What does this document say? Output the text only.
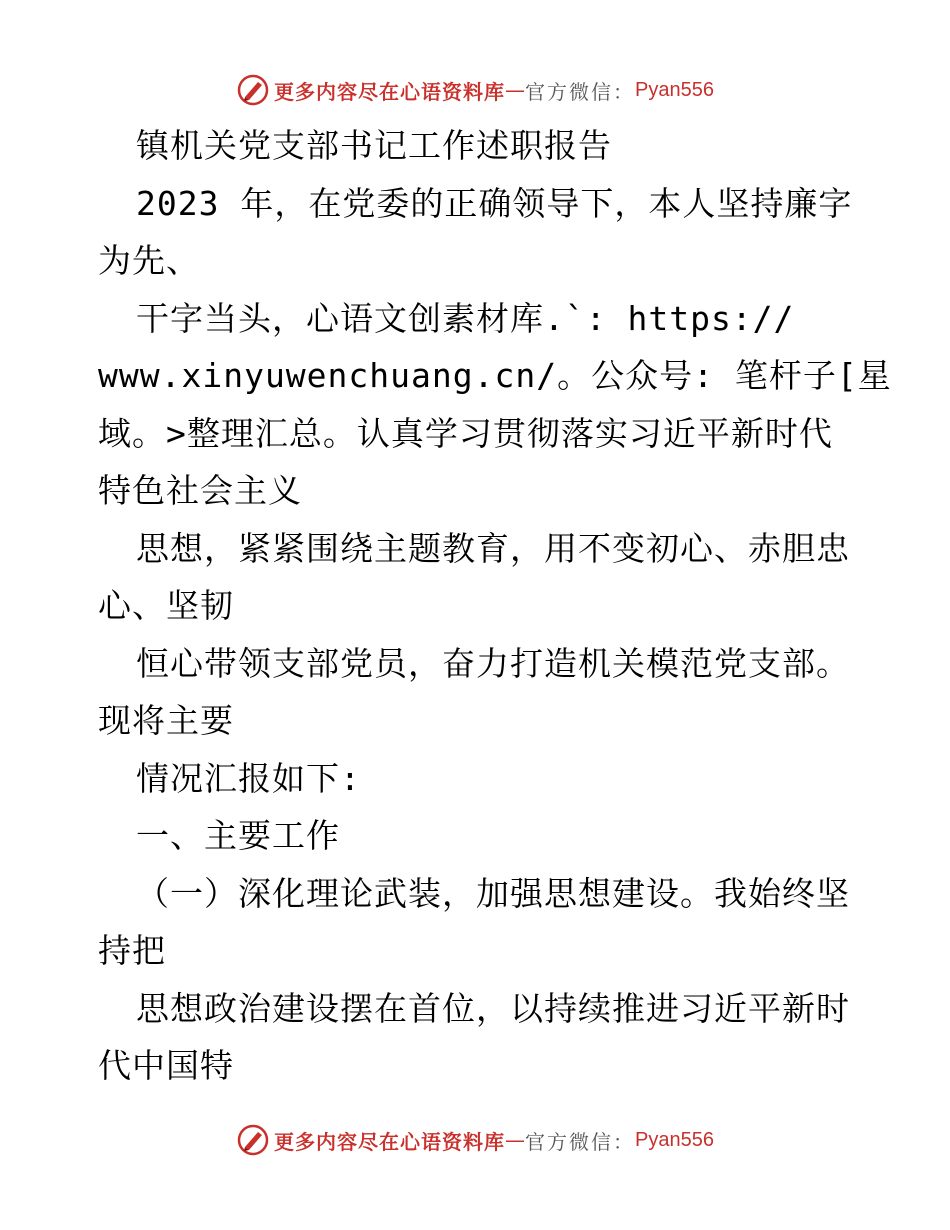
更多内容尽在心语资料库 — 官方微信： Pyan556

镇机关党支部书记工作述职报告

2023 年，在党委的正确领导下，本人坚持廉字

为先、

干字当头，心语文创素材库.`: https://

www.xinyuwenchuang.cn/。公众号: 笔杆子[星

域。>整理汇总。认真学习贯彻落实习近平新时代

特色社会主义

思想，紧紧围绕主题教育，用不变初心、赤胆忠

心、坚韧

恒心带领支部党员，奋力打造机关模范党支部。

现将主要

情况汇报如下:

一、主要工作

（一）深化理论武装，加强思想建设。我始终坚

持把

思想政治建设摆在首位，以持续推进习近平新时

代中国特

更多内容尽在心语资料库 — 官方微信： Pyan556
